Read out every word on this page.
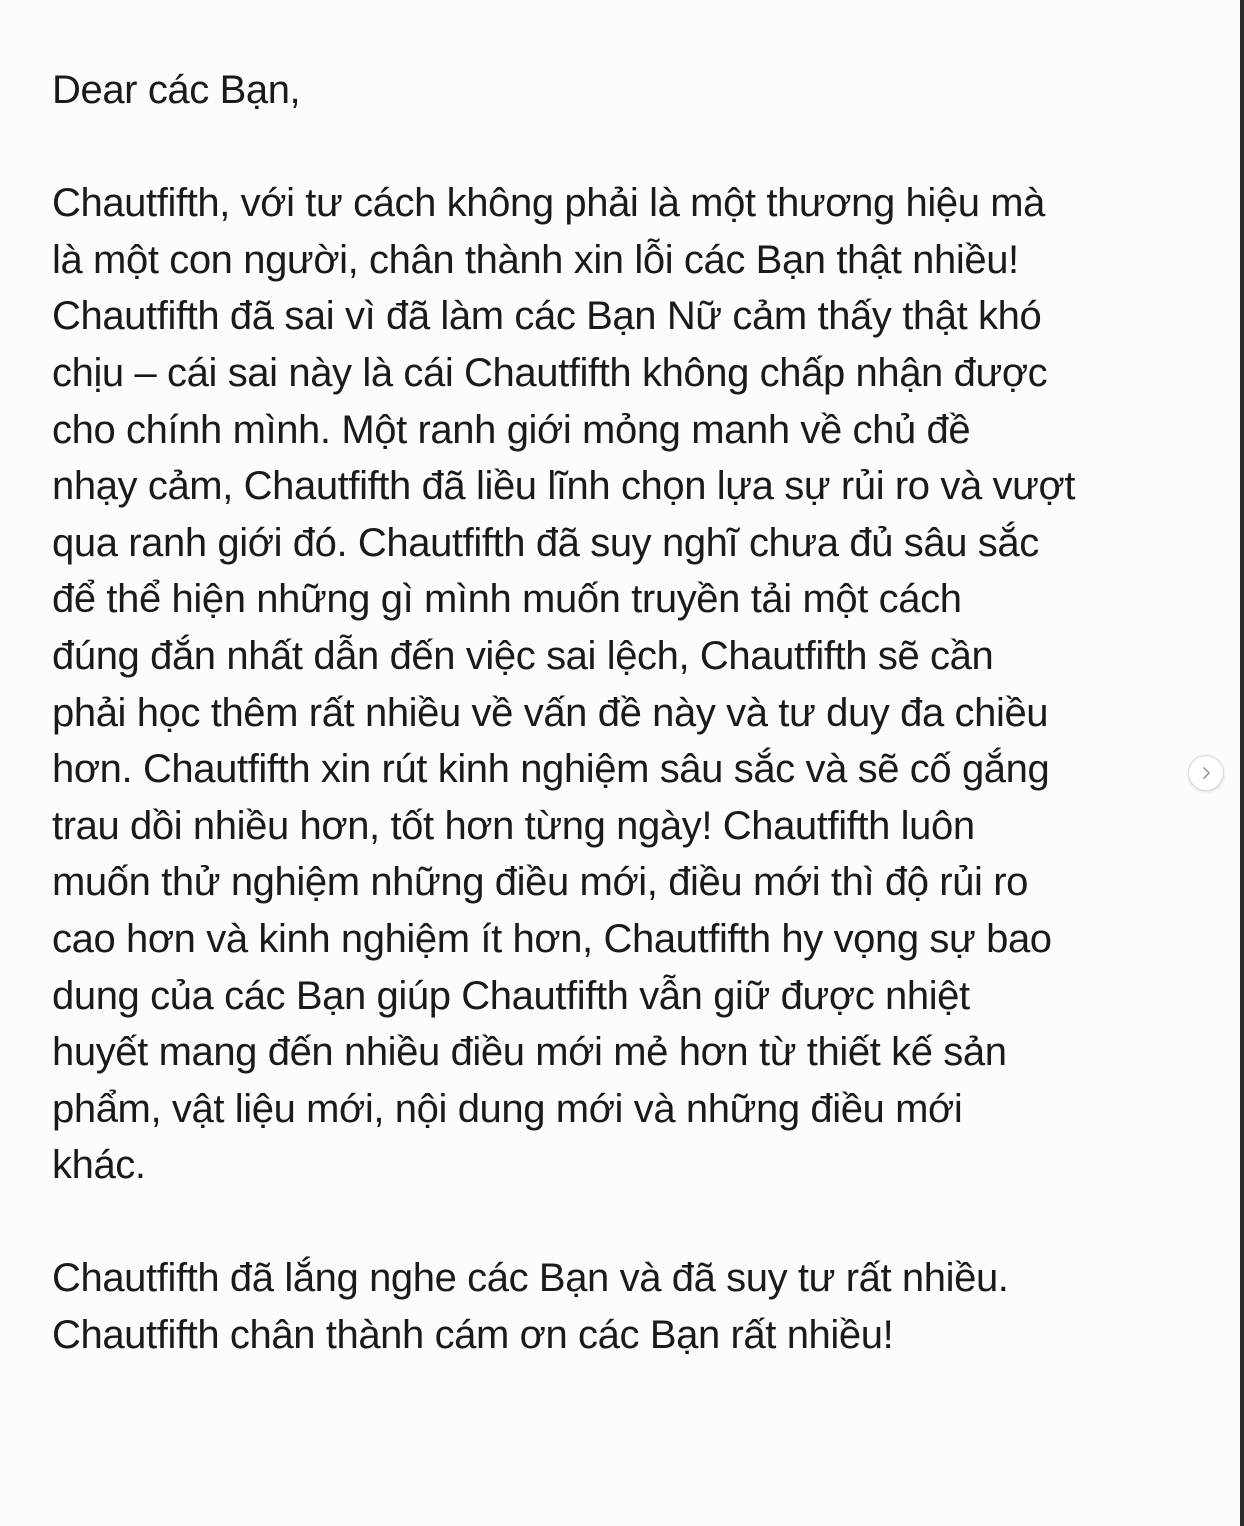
Dear các Bạn,

Chautfifth, với tư cách không phải là một thương hiệu mà
là một con người, chân thành xin lỗi các Bạn thật nhiều!
Chautfifth đã sai vì đã làm các Bạn Nữ cảm thấy thật khó
chịu – cái sai này là cái Chautfifth không chấp nhận được
cho chính mình. Một ranh giới mỏng manh về chủ đề
nhạy cảm, Chautfifth đã liều lĩnh chọn lựa sự rủi ro và vượt
qua ranh giới đó. Chautfifth đã suy nghĩ chưa đủ sâu sắc
để thể hiện những gì mình muốn truyền tải một cách
đúng đắn nhất dẫn đến việc sai lệch, Chautfifth sẽ cần
phải học thêm rất nhiều về vấn đề này và tư duy đa chiều
hơn. Chautfifth xin rút kinh nghiệm sâu sắc và sẽ cố gắng
trau dồi nhiều hơn, tốt hơn từng ngày! Chautfifth luôn
muốn thử nghiệm những điều mới, điều mới thì độ rủi ro
cao hơn và kinh nghiệm ít hơn, Chautfifth hy vọng sự bao
dung của các Bạn giúp Chautfifth vẫn giữ được nhiệt
huyết mang đến nhiều điều mới mẻ hơn từ thiết kế sản
phẩm, vật liệu mới, nội dung mới và những điều mới
khác.

Chautfifth đã lắng nghe các Bạn và đã suy tư rất nhiều.
Chautfifth chân thành cám ơn các Bạn rất nhiều!
